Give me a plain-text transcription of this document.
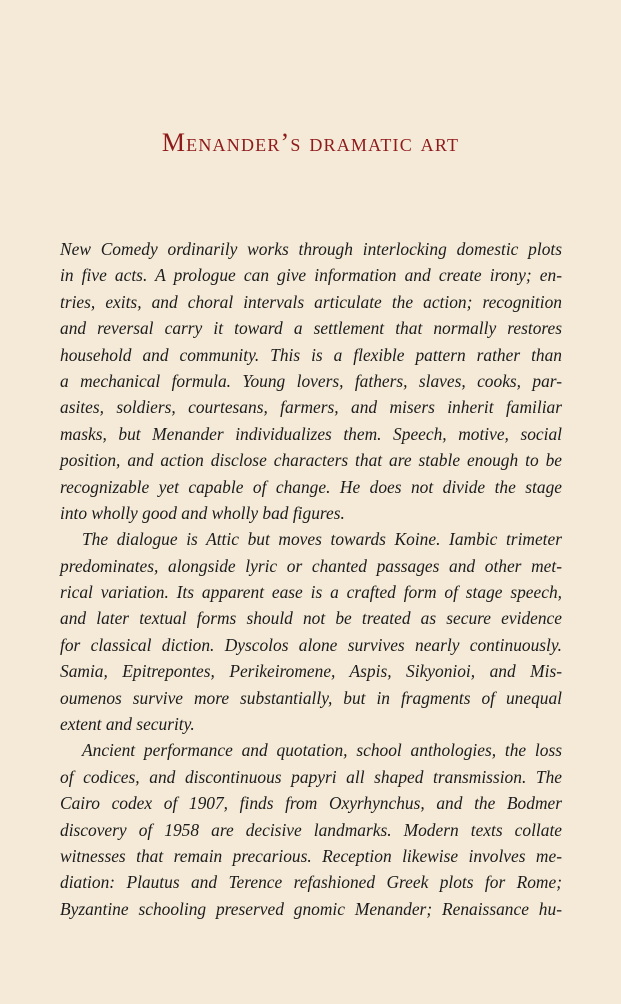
Menander’s dramatic art

New Comedy ordinarily works through interlocking domestic plots
in five acts. A prologue can give information and create irony; en-
tries, exits, and choral intervals articulate the action; recognition
and reversal carry it toward a settlement that normally restores
household and community. This is a flexible pattern rather than
a mechanical formula. Young lovers, fathers, slaves, cooks, par-
asites, soldiers, courtesans, farmers, and misers inherit familiar
masks, but Menander individualizes them. Speech, motive, social
position, and action disclose characters that are stable enough to be
recognizable yet capable of change. He does not divide the stage
into wholly good and wholly bad figures.

The dialogue is Attic but moves towards Koine. Iambic trimeter
predominates, alongside lyric or chanted passages and other met-
rical variation. Its apparent ease is a crafted form of stage speech,
and later textual forms should not be treated as secure evidence
for classical diction. Dyscolos alone survives nearly continuously.
Samia, Epitrepontes, Perikeiromene, Aspis, Sikyonioi, and Mis-
oumenos survive more substantially, but in fragments of unequal
extent and security.

Ancient performance and quotation, school anthologies, the loss
of codices, and discontinuous papyri all shaped transmission. The
Cairo codex of 1907, finds from Oxyrhynchus, and the Bodmer
discovery of 1958 are decisive landmarks. Modern texts collate
witnesses that remain precarious. Reception likewise involves me-
diation: Plautus and Terence refashioned Greek plots for Rome;
Byzantine schooling preserved gnomic Menander; Renaissance hu-
